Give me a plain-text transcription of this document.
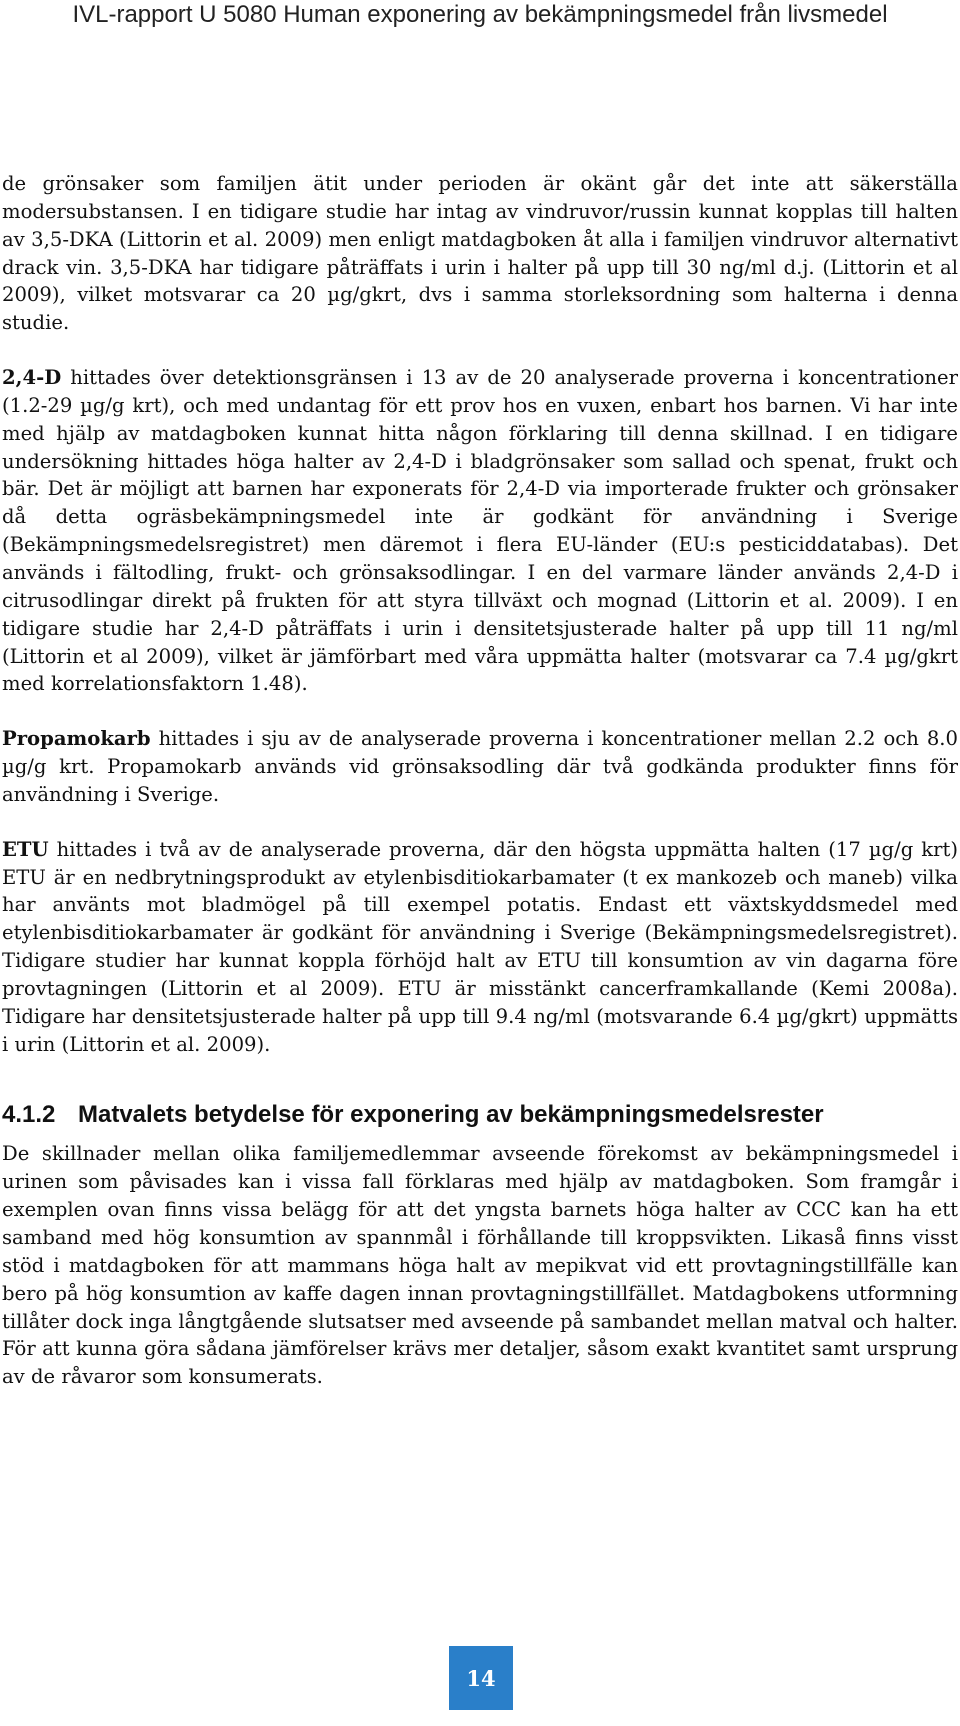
IVL-rapport U 5080 Human exponering av bekämpningsmedel från livsmedel

de grönsaker som familjen ätit under perioden är okänt går det inte att säkerställa modersubstansen. I en tidigare studie har intag av vindruvor/russin kunnat kopplas till halten av 3,5-DKA (Littorin et al. 2009) men enligt matdagboken åt alla i familjen vindruvor alternativt drack vin. 3,5-DKA har tidigare påträffats i urin i halter på upp till 30 ng/ml d.j. (Littorin et al 2009), vilket motsvarar ca 20 µg/gkrt, dvs i samma storleksordning som halterna i denna studie.

2,4-D hittades över detektionsgränsen i 13 av de 20 analyserade proverna i koncentrationer (1.2-29 µg/g krt), och med undantag för ett prov hos en vuxen, enbart hos barnen. Vi har inte med hjälp av matdagboken kunnat hitta någon förklaring till denna skillnad. I en tidigare undersökning hittades höga halter av 2,4-D i bladgrönsaker som sallad och spenat, frukt och bär. Det är möjligt att barnen har exponerats för 2,4-D via importerade frukter och grönsaker då detta ogräsbekämpningsmedel inte är godkänt för användning i Sverige (Bekämpningsmedelsregistret) men däremot i flera EU-länder (EU:s pesticiddatabas). Det används i fältodling, frukt- och grönsaksodlingar. I en del varmare länder används 2,4-D i citrusodlingar direkt på frukten för att styra tillväxt och mognad (Littorin et al. 2009). I en tidigare studie har 2,4-D påträffats i urin i densitetsjusterade halter på upp till 11 ng/ml (Littorin et al 2009), vilket är jämförbart med våra uppmätta halter (motsvarar ca 7.4 µg/gkrt med korrelationsfaktorn 1.48).

Propamokarb hittades i sju av de analyserade proverna i koncentrationer mellan 2.2 och 8.0 µg/g krt. Propamokarb används vid grönsaksodling där två godkända produkter finns för användning i Sverige.

ETU hittades i två av de analyserade proverna, där den högsta uppmätta halten (17 µg/g krt) ETU är en nedbrytningsprodukt av etylenbisditiokarbamater (t ex mankozeb och maneb) vilka har använts mot bladmögel på till exempel potatis. Endast ett växtskyddsmedel med etylenbisditiokarbamater är godkänt för användning i Sverige (Bekämpningsmedelsregistret). Tidigare studier har kunnat koppla förhöjd halt av ETU till konsumtion av vin dagarna före provtagningen (Littorin et al 2009). ETU är misstänkt cancerframkallande (Kemi 2008a). Tidigare har densitetsjusterade halter på upp till 9.4 ng/ml (motsvarande 6.4 µg/gkrt) uppmätts i urin (Littorin et al. 2009).

4.1.2 Matvalets betydelse för exponering av bekämpningsmedelsrester

De skillnader mellan olika familjemedlemmar avseende förekomst av bekämpningsmedel i urinen som påvisades kan i vissa fall förklaras med hjälp av matdagboken. Som framgår i exemplen ovan finns vissa belägg för att det yngsta barnets höga halter av CCC kan ha ett samband med hög konsumtion av spannmål i förhållande till kroppsvikten. Likaså finns visst stöd i matdagboken för att mammans höga halt av mepikvat vid ett provtagningstillfälle kan bero på hög konsumtion av kaffe dagen innan provtagningstillfället. Matdagbokens utformning tillåter dock inga långtgående slutsatser med avseende på sambandet mellan matval och halter. För att kunna göra sådana jämförelser krävs mer detaljer, såsom exakt kvantitet samt ursprung av de råvaror som konsumerats.

14
